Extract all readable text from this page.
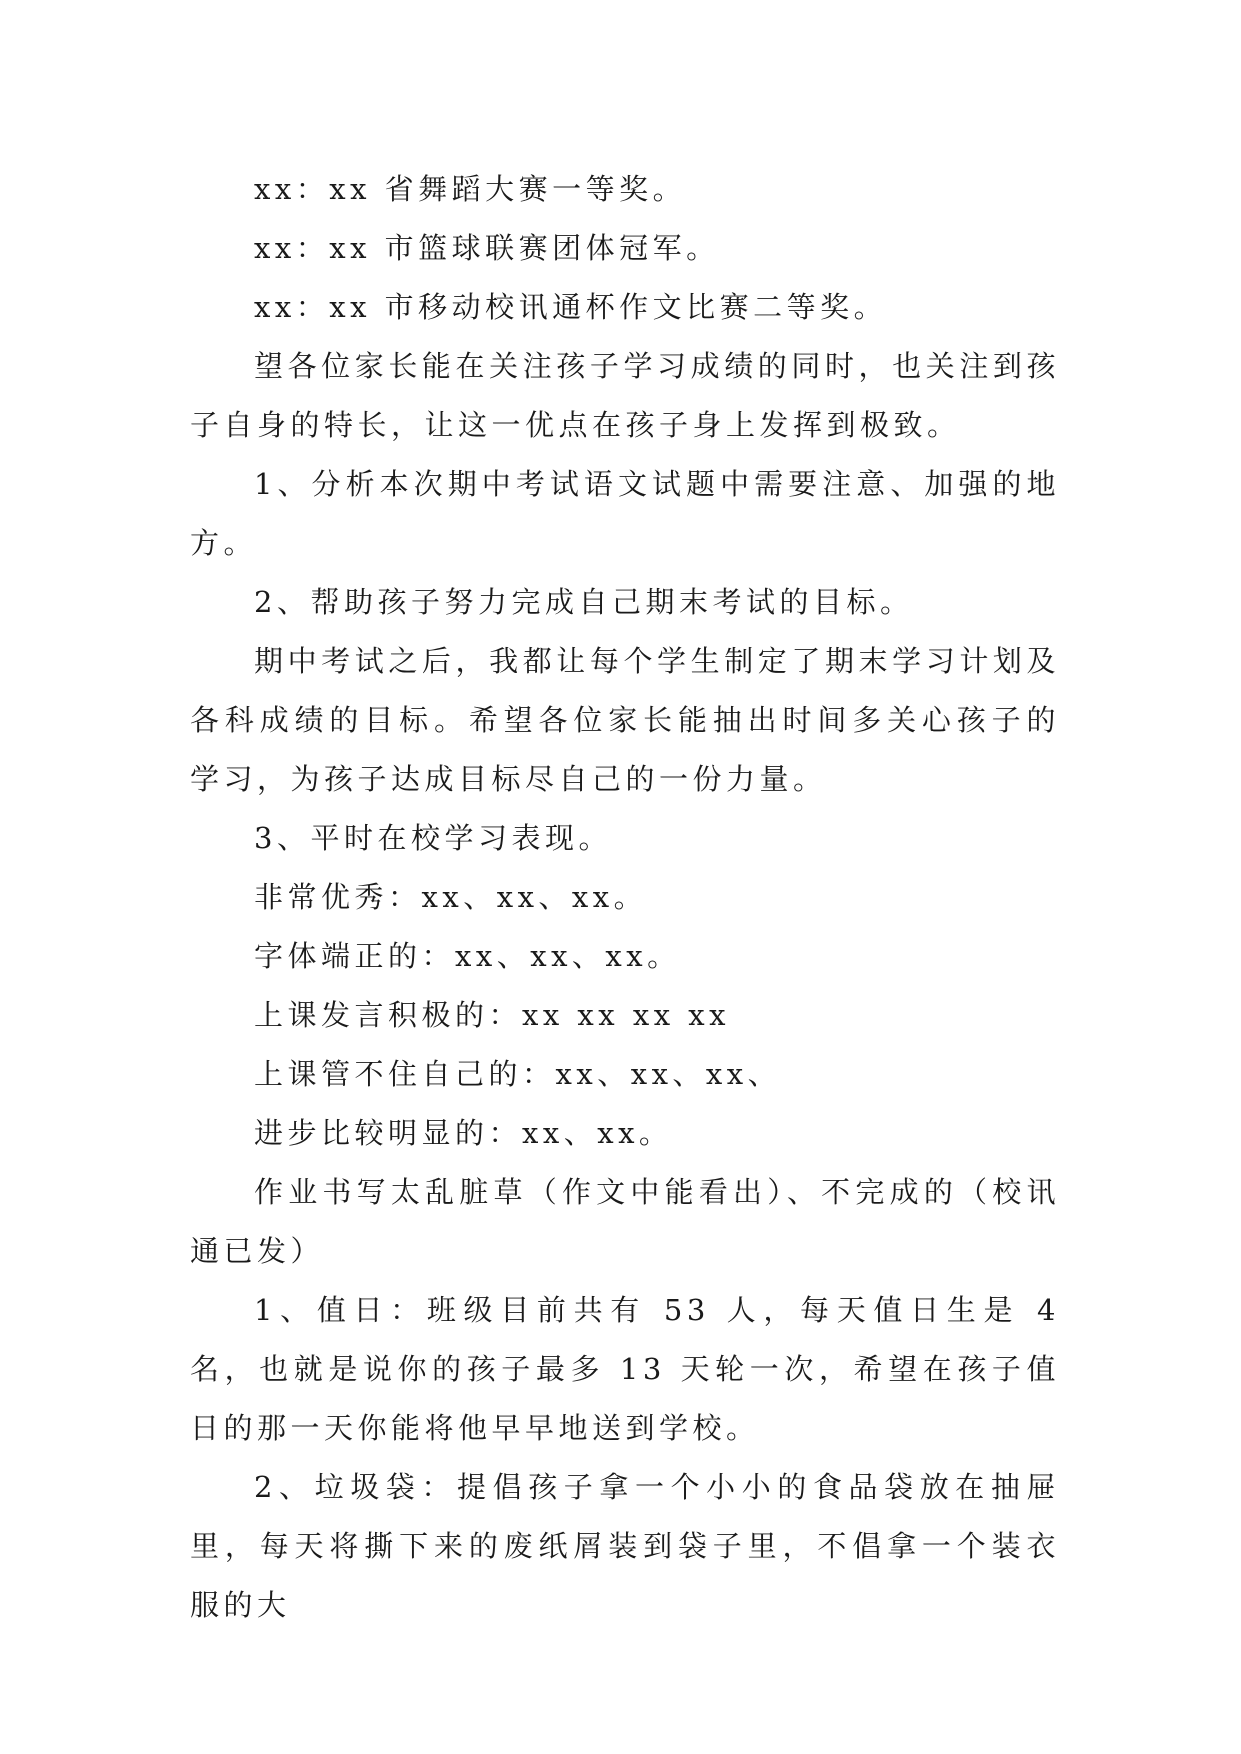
xx：xx 省舞蹈大赛一等奖。

xx：xx 市篮球联赛团体冠军。

xx：xx 市移动校讯通杯作文比赛二等奖。

望各位家长能在关注孩子学习成绩的同时，也关注到孩子自身的特长，让这一优点在孩子身上发挥到极致。

1、分析本次期中考试语文试题中需要注意、加强的地方。

2、帮助孩子努力完成自己期末考试的目标。

期中考试之后，我都让每个学生制定了期末学习计划及各科成绩的目标。希望各位家长能抽出时间多关心孩子的学习，为孩子达成目标尽自己的一份力量。

3、平时在校学习表现。

非常优秀：xx、xx、xx。

字体端正的：xx、xx、xx。

上课发言积极的：xx xx xx xx

上课管不住自己的：xx、xx、xx、

进步比较明显的：xx、xx。

作业书写太乱脏草（作文中能看出）、不完成的（校讯通已发）

1、值日：班级目前共有 53 人，每天值日生是 4 名，也就是说你的孩子最多 13 天轮一次，希望在孩子值日的那一天你能将他早早地送到学校。

2、垃圾袋：提倡孩子拿一个小小的食品袋放在抽屉里，每天将撕下来的废纸屑装到袋子里，不倡拿一个装衣服的大
